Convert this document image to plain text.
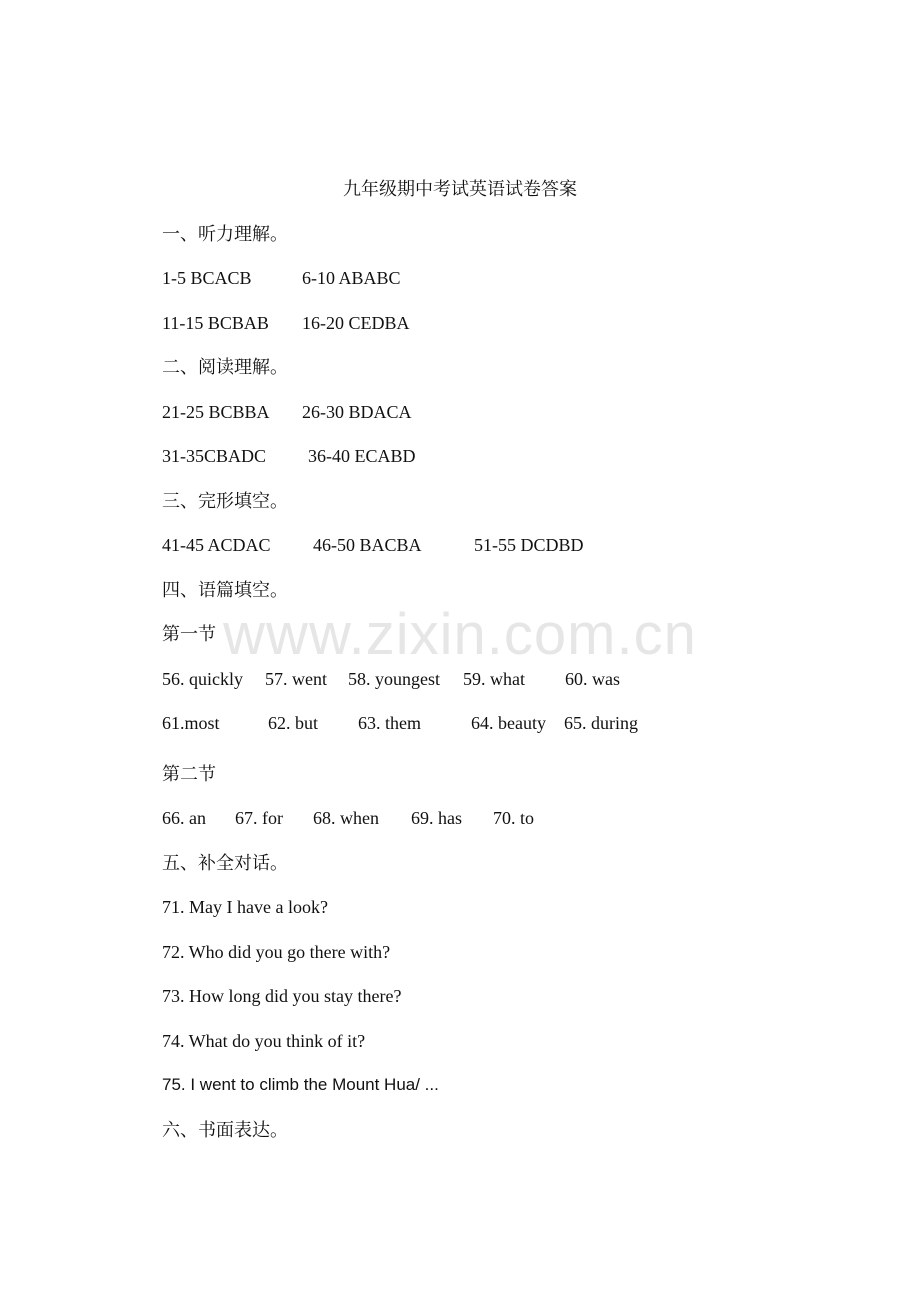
www.zixin.com.cn
九年级期中考试英语试卷答案
一、听力理解。
1-5 BCACB	6-10 ABABC
11-15 BCBAB 16-20 CEDBA
二、阅读理解。
21-25 BCBBA 26-30 BDACA
31-35CBADC 36-40 ECABD
三、完形填空。
41-45 ACDAC 46-50 BACBA	51-55 DCDBD
四、语篇填空。
第一节
56. quickly 57. went 58. youngest 59. what 60. was
61.most	62. but 63. them	64. beauty 65. during
第二节
66. an 67. for 68. when 69. has 70. to
五、补全对话。
71. May I have a look?
72. Who did you go there with?
73. How long did you stay there?
74. What do you think of it?
75. I went to climb the Mount Hua/ ...
六、书面表达。
